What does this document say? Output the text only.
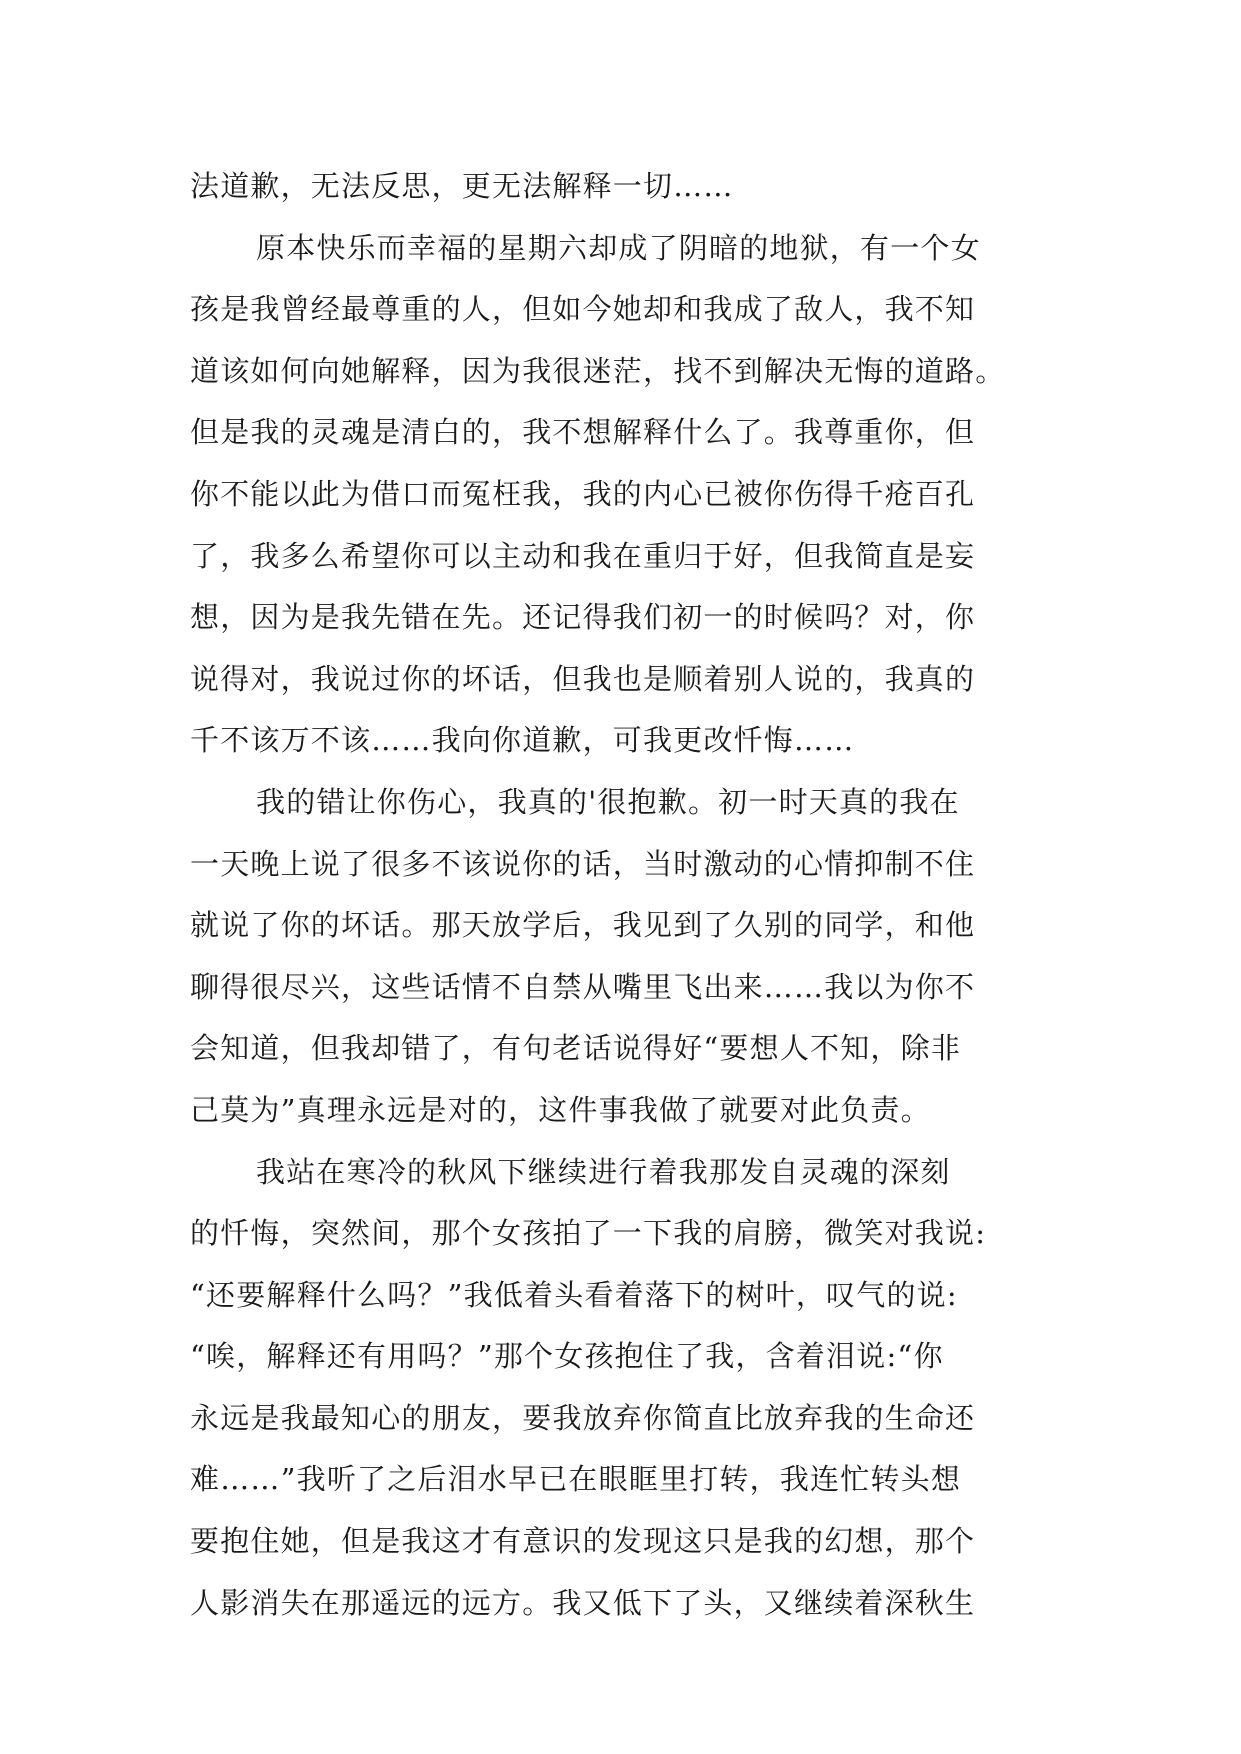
法道歉，无法反思，更无法解释一切……
原本快乐而幸福的星期六却成了阴暗的地狱，有一个女
孩是我曾经最尊重的人，但如今她却和我成了敌人，我不知
道该如何向她解释，因为我很迷茫，找不到解决无悔的道路。
但是我的灵魂是清白的，我不想解释什么了。我尊重你，但
你不能以此为借口而冤枉我，我的内心已被你伤得千疮百孔
了，我多么希望你可以主动和我在重归于好，但我简直是妄
想，因为是我先错在先。还记得我们初一的时候吗？对，你
说得对，我说过你的坏话，但我也是顺着别人说的，我真的
千不该万不该……我向你道歉，可我更改忏悔……
我的错让你伤心，我真的'很抱歉。初一时天真的我在
一天晚上说了很多不该说你的话，当时激动的心情抑制不住
就说了你的坏话。那天放学后，我见到了久别的同学，和他
聊得很尽兴，这些话情不自禁从嘴里飞出来……我以为你不
会知道，但我却错了，有句老话说得好“要想人不知，除非
己莫为”真理永远是对的，这件事我做了就要对此负责。
我站在寒冷的秋风下继续进行着我那发自灵魂的深刻
的忏悔，突然间，那个女孩拍了一下我的肩膀，微笑对我说:
“还要解释什么吗？”我低着头看着落下的树叶，叹气的说:
“唉，解释还有用吗？”那个女孩抱住了我，含着泪说:“你
永远是我最知心的朋友，要我放弃你简直比放弃我的生命还
难……”我听了之后泪水早已在眼眶里打转，我连忙转头想
要抱住她，但是我这才有意识的发现这只是我的幻想，那个
人影消失在那遥远的远方。我又低下了头，又继续着深秋生
